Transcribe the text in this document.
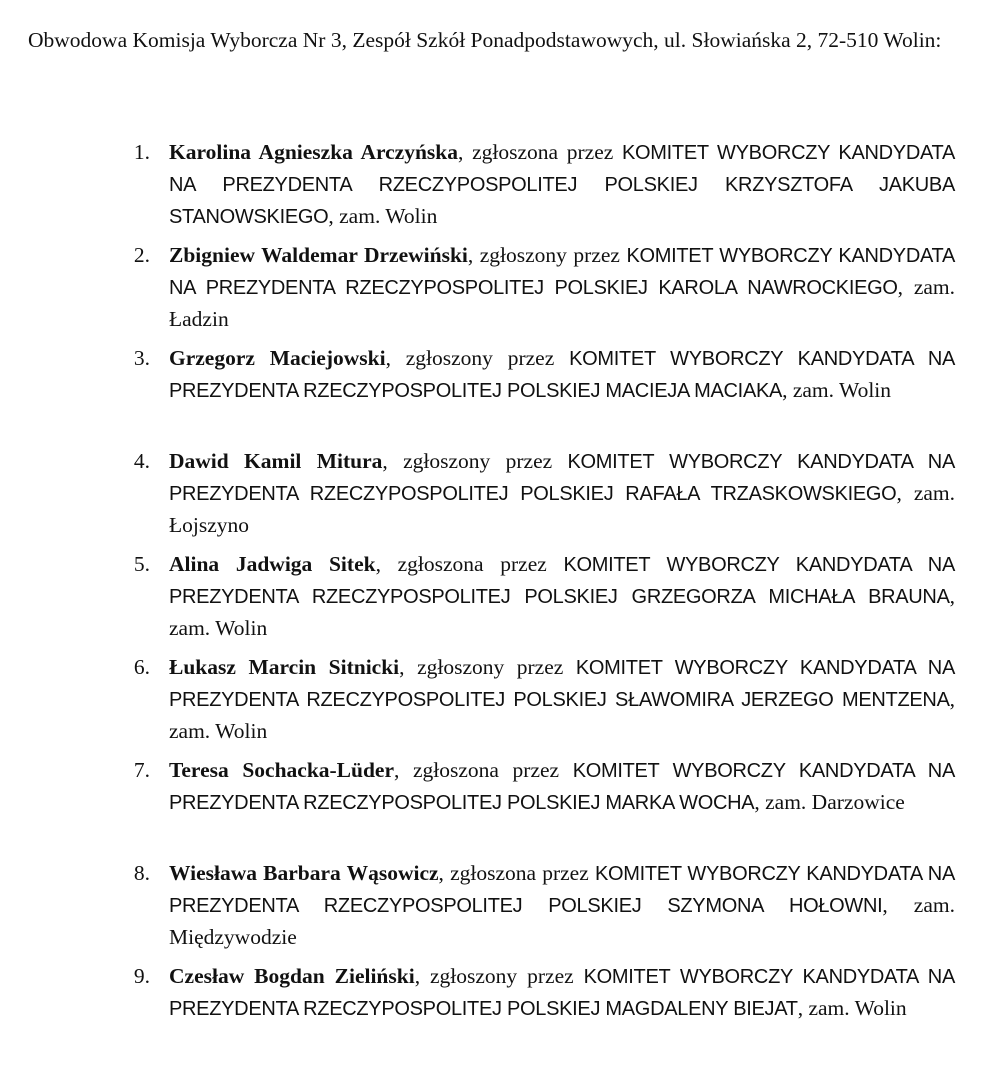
Obwodowa Komisja Wyborcza Nr 3, Zespół Szkół Ponadpodstawowych, ul. Słowiańska 2, 72-510 Wolin:

1. Karolina Agnieszka Arczyńska, zgłoszona przez KOMITET WYBORCZY KANDYDATA NA PREZYDENTA RZECZYPOSPOLITEJ POLSKIEJ KRZYSZTOFA JAKUBA STANOWSKIEGO, zam. Wolin

2. Zbigniew Waldemar Drzewiński, zgłoszony przez KOMITET WYBORCZY KANDYDATA NA PREZYDENTA RZECZYPOSPOLITEJ POLSKIEJ KAROLA NAWROCKIEGO, zam. Ładzin

3. Grzegorz Maciejowski, zgłoszony przez KOMITET WYBORCZY KANDYDATA NA PREZYDENTA RZECZYPOSPOLITEJ POLSKIEJ MACIEJA MACIAKA, zam. Wolin

4. Dawid Kamil Mitura, zgłoszony przez KOMITET WYBORCZY KANDYDATA NA PREZYDENTA RZECZYPOSPOLITEJ POLSKIEJ RAFAŁA TRZASKOWSKIEGO, zam. Łojszyno

5. Alina Jadwiga Sitek, zgłoszona przez KOMITET WYBORCZY KANDYDATA NA PREZYDENTA RZECZYPOSPOLITEJ POLSKIEJ GRZEGORZA MICHAŁA BRAUNA, zam. Wolin

6. Łukasz Marcin Sitnicki, zgłoszony przez KOMITET WYBORCZY KANDYDATA NA PREZYDENTA RZECZYPOSPOLITEJ POLSKIEJ SŁAWOMIRA JERZEGO MENTZENA, zam. Wolin

7. Teresa Sochacka-Lüder, zgłoszona przez KOMITET WYBORCZY KANDYDATA NA PREZYDENTA RZECZYPOSPOLITEJ POLSKIEJ MARKA WOCHA, zam. Darzowice

8. Wiesława Barbara Wąsowicz, zgłoszona przez KOMITET WYBORCZY KANDYDATA NA PREZYDENTA RZECZYPOSPOLITEJ POLSKIEJ SZYMONA HOŁOWNI, zam. Międzywodzie

9. Czesław Bogdan Zieliński, zgłoszony przez KOMITET WYBORCZY KANDYDATA NA PREZYDENTA RZECZYPOSPOLITEJ POLSKIEJ MAGDALENY BIEJAT, zam. Wolin
